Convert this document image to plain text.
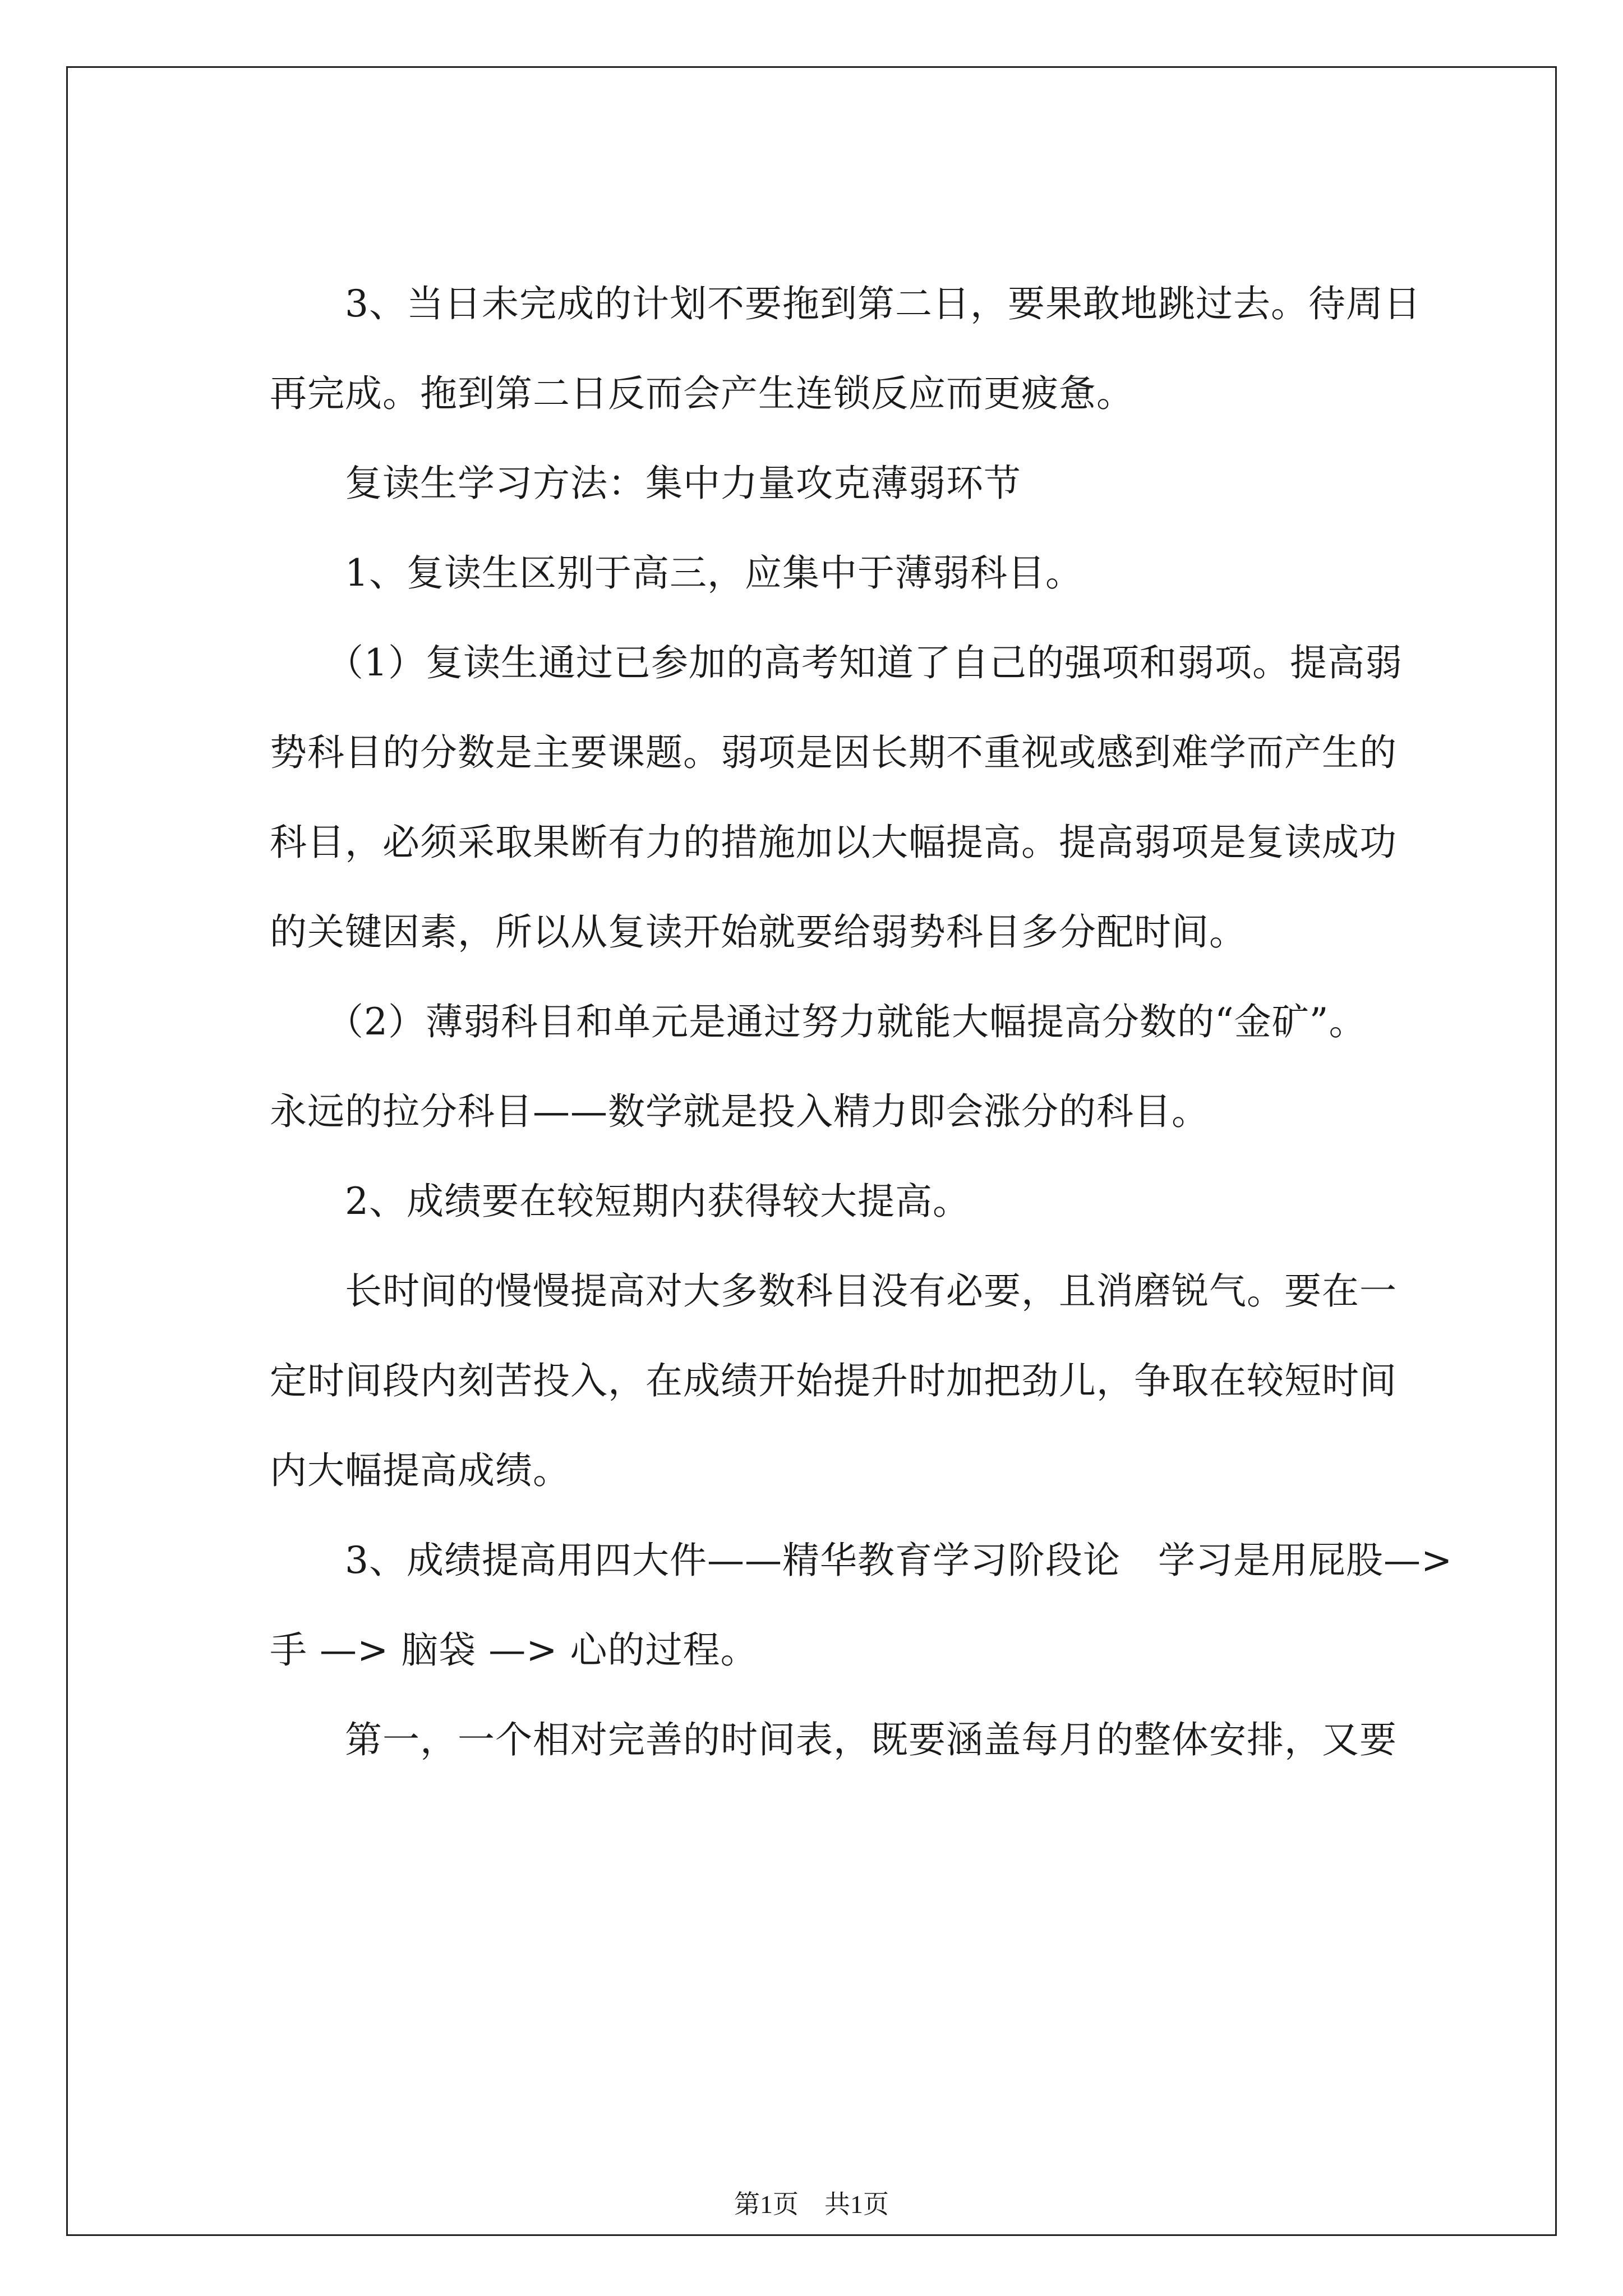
　　3、当日未完成的计划不要拖到第二日，要果敢地跳过去。待周日
再完成。拖到第二日反而会产生连锁反应而更疲惫。
　　复读生学习方法：集中力量攻克薄弱环节
　　1、复读生区别于高三，应集中于薄弱科目。
　　（1）复读生通过已参加的高考知道了自己的强项和弱项。提高弱
势科目的分数是主要课题。弱项是因长期不重视或感到难学而产生的
科目，必须采取果断有力的措施加以大幅提高。提高弱项是复读成功
的关键因素，所以从复读开始就要给弱势科目多分配时间。
　　（2）薄弱科目和单元是通过努力就能大幅提高分数的“金矿”。
永远的拉分科目——数学就是投入精力即会涨分的科目。
　　2、成绩要在较短期内获得较大提高。
　　长时间的慢慢提高对大多数科目没有必要，且消磨锐气。要在一
定时间段内刻苦投入，在成绩开始提升时加把劲儿，争取在较短时间
内大幅提高成绩。
　　3、成绩提高用四大件——精华教育学习阶段论　学习是用屁股—>
手 —> 脑袋 —> 心的过程。
　　第一，一个相对完善的时间表，既要涵盖每月的整体安排，又要
第1页　共1页
